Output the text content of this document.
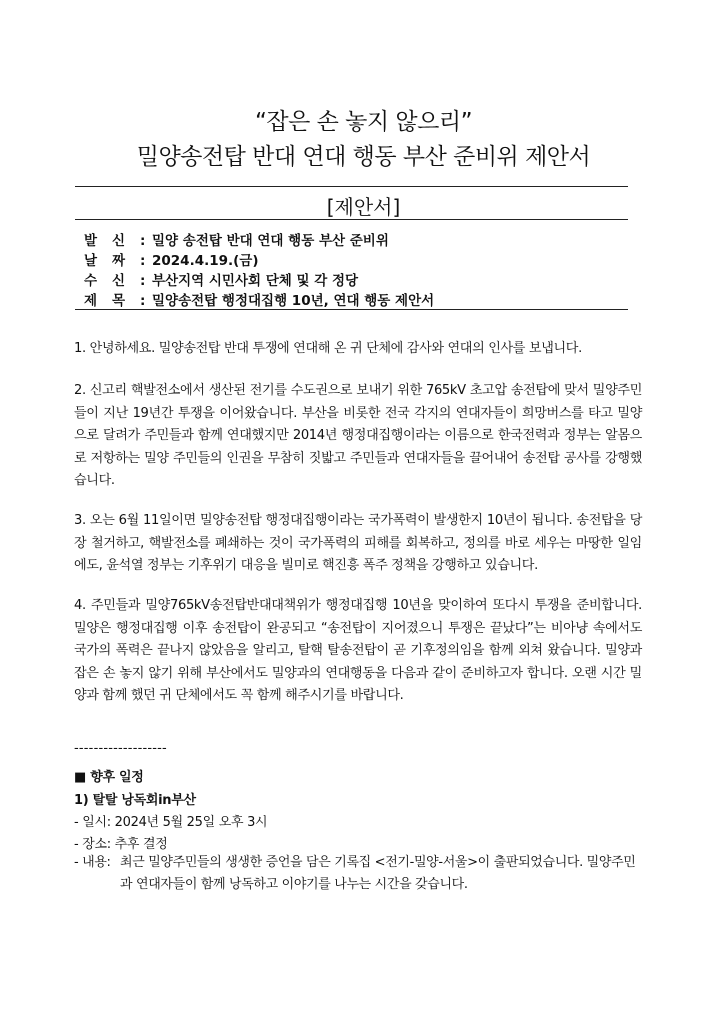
“잡은 손 놓지 않으리”
밀양송전탑 반대 연대 행동 부산 준비위 제안서
[제안서]
발 신 : 밀양 송전탑 반대 연대 행동 부산 준비위
날 짜 : 2024.4.19.(금)
수 신 : 부산지역 시민사회 단체 및 각 정당
제 목 : 밀양송전탑 행정대집행 10년, 연대 행동 제안서
1. 안녕하세요. 밀양송전탑 반대 투쟁에 연대해 온 귀 단체에 감사와 연대의 인사를 보냅니다.
2. 신고리 핵발전소에서 생산된 전기를 수도권으로 보내기 위한 765kV 초고압 송전탑에 맞서 밀양주민들이 지난 19년간 투쟁을 이어왔습니다. 부산을 비롯한 전국 각지의 연대자들이 희망버스를 타고 밀양으로 달려가 주민들과 함께 연대했지만 2014년 행정대집행이라는 이름으로 한국전력과 정부는 알몸으로 저항하는 밀양 주민들의 인권을 무참히 짓밟고 주민들과 연대자들을 끌어내어 송전탑 공사를 강행했습니다.
3. 오는 6월 11일이면 밀양송전탑 행정대집행이라는 국가폭력이 발생한지 10년이 됩니다. 송전탑을 당장 철거하고, 핵발전소를 폐쇄하는 것이 국가폭력의 피해를 회복하고, 정의를 바로 세우는 마땅한 일임에도, 윤석열 정부는 기후위기 대응을 빌미로 핵진흥 폭주 정책을 강행하고 있습니다.
4. 주민들과 밀양765kV송전탑반대대책위가 행정대집행 10년을 맞이하여 또다시 투쟁을 준비합니다. 밀양은 행정대집행 이후 송전탑이 완공되고 “송전탑이 지어졌으니 투쟁은 끝났다”는 비아냥 속에서도 국가의 폭력은 끝나지 않았음을 알리고, 탈핵 탈송전탑이 곧 기후정의임을 함께 외쳐 왔습니다. 밀양과 잡은 손 놓지 않기 위해 부산에서도 밀양과의 연대행동을 다음과 같이 준비하고자 합니다. 오랜 시간 밀양과 함께 했던 귀 단체에서도 꼭 함께 해주시기를 바랍니다.
-------------------
■ 향후 일정
1) 탈탈 낭독회in부산
- 일시: 2024년 5월 25일 오후 3시
- 장소: 추후 결정
- 내용: 최근 밀양주민들의 생생한 증언을 담은 기록집 <전기-밀양-서울>이 출판되었습니다. 밀양주민과 연대자들이 함께 낭독하고 이야기를 나누는 시간을 갖습니다.
